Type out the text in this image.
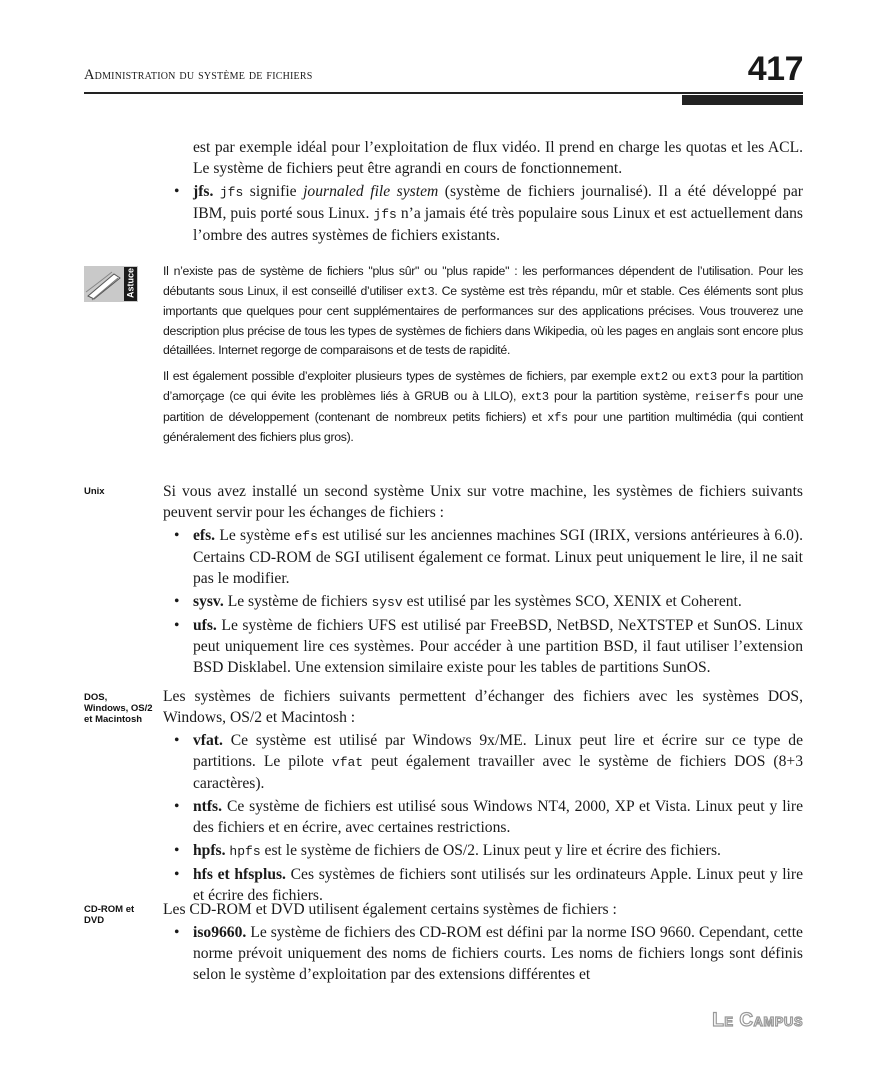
Administration du système de fichiers	417

est par exemple idéal pour l’exploitation de flux vidéo. Il prend en charge les quotas et les ACL. Le système de fichiers peut être agrandi en cours de fonctionnement.

• jfs. jfs signifie journaled file system (système de fichiers journalisé). Il a été développé par IBM, puis porté sous Linux. jfs n’a jamais été très populaire sous Linux et est actuellement dans l’ombre des autres systèmes de fichiers existants.
Astuce Il n’existe pas de système de fichiers "plus sûr" ou "plus rapide" : les performances dépendent de l’utilisation. Pour les débutants sous Linux, il est conseillé d’utiliser ext3. Ce système est très répandu, mûr et stable. Ces éléments sont plus importants que quelques pour cent supplémentaires de performances sur des applications précises. Vous trouverez une description plus précise de tous les types de systèmes de fichiers dans Wikipedia, où les pages en anglais sont encore plus détaillées. Internet regorge de comparaisons et de tests de rapidité.

Il est également possible d’exploiter plusieurs types de systèmes de fichiers, par exemple ext2 ou ext3 pour la partition d’amorçage (ce qui évite les problèmes liés à GRUB ou à LILO), ext3 pour la partition système, reiserfs pour une partition de développement (contenant de nombreux petits fichiers) et xfs pour une partition multimédia (qui contient généralement des fichiers plus gros).

Unix	Si vous avez installé un second système Unix sur votre machine, les systèmes de fichiers suivants peuvent servir pour les échanges de fichiers :

• efs. Le système efs est utilisé sur les anciennes machines SGI (IRIX, versions antérieures à 6.0). Certains CD-ROM de SGI utilisent également ce format. Linux peut uniquement le lire, il ne sait pas le modifier.
• sysv. Le système de fichiers sysv est utilisé par les systèmes SCO, XENIX et Coherent.
• ufs. Le système de fichiers UFS est utilisé par FreeBSD, NetBSD, NeXTSTEP et SunOS. Linux peut uniquement lire ces systèmes. Pour accéder à une partition BSD, il faut utiliser l’extension BSD Disklabel. Une extension similaire existe pour les tables de partitions SunOS.
DOS, Windows, OS/2 et Macintosh

Les systèmes de fichiers suivants permettent d’échanger des fichiers avec les systèmes DOS, Windows, OS/2 et Macintosh :

• vfat. Ce système est utilisé par Windows 9x/ME. Linux peut lire et écrire sur ce type de partitions. Le pilote vfat peut également travailler avec le système de fichiers DOS (8+3 caractères).
• ntfs. Ce système de fichiers est utilisé sous Windows NT4, 2000, XP et Vista. Linux peut y lire des fichiers et en écrire, avec certaines restrictions.
• hpfs. hpfs est le système de fichiers de OS/2. Linux peut y lire et écrire des fichiers.
• hfs et hfsplus. Ces systèmes de fichiers sont utilisés sur les ordinateurs Apple. Linux peut y lire et écrire des fichiers.
CD-ROM et DVD

Les CD-ROM et DVD utilisent également certains systèmes de fichiers :

• iso9660. Le système de fichiers des CD-ROM est défini par la norme ISO 9660. Cependant, cette norme prévoit uniquement des noms de fichiers courts. Les noms de fichiers longs sont définis selon le système d’exploitation par des extensions différentes et
Le Campus
